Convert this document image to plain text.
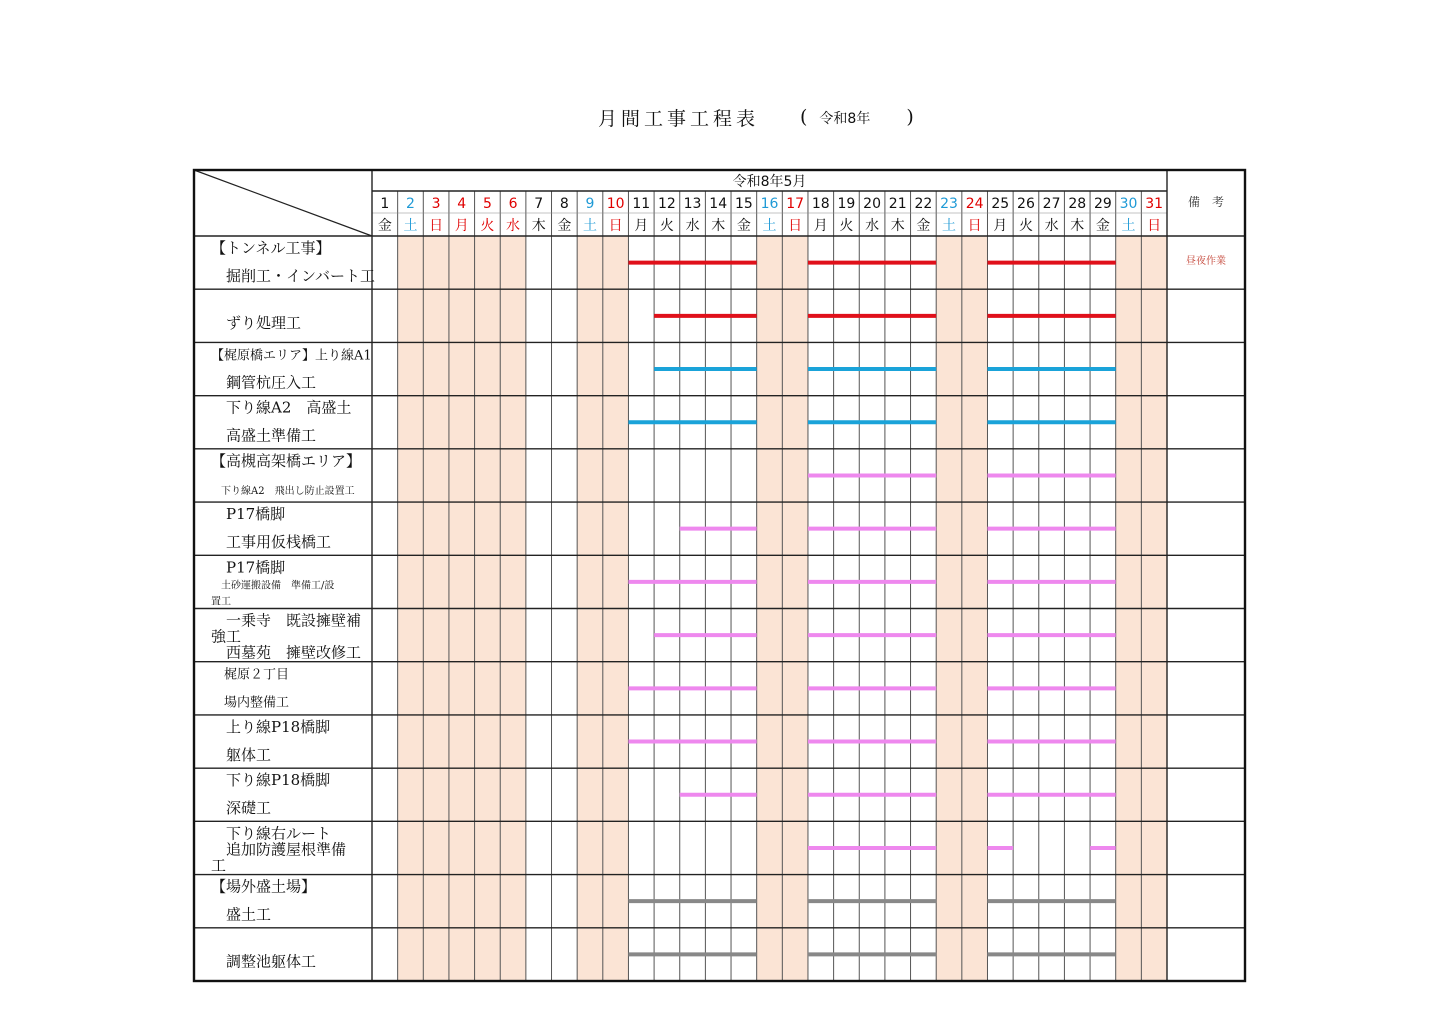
月間工事工程表 ( 令和8年 )
令和8年5月
備　考
1
金
2
土
3
日
4
月
5
火
6
水
7
木
8
金
9
土
10
日
11
月
12
火
13
水
14
木
15
金
16
土
17
日
18
月
19
火
20
水
21
木
22
金
23
土
24
日
25
月
26
火
27
水
28
木
29
金
30
土
31
日
【トンネル工事】
　掘削工・インバート工
昼夜作業
　ずり処理工
【梶原橋エリア】上り線A1
　鋼管杭圧入工
　下り線A2　高盛土
　高盛土準備工
【高槻高架橋エリア】
　下り線A2　飛出し防止設置工
　P17橋脚
　工事用仮桟橋工
　P17橋脚
　土砂運搬設備　準備工/設
置工
　一乗寺　既設擁壁補
強工
　西墓苑　擁壁改修工
　梶原２丁目
　場内整備工
　上り線P18橋脚
　躯体工
　下り線P18橋脚
　深礎工
　下り線右ルート
　追加防護屋根準備
工
【場外盛土場】
　盛土工
　調整池躯体工
